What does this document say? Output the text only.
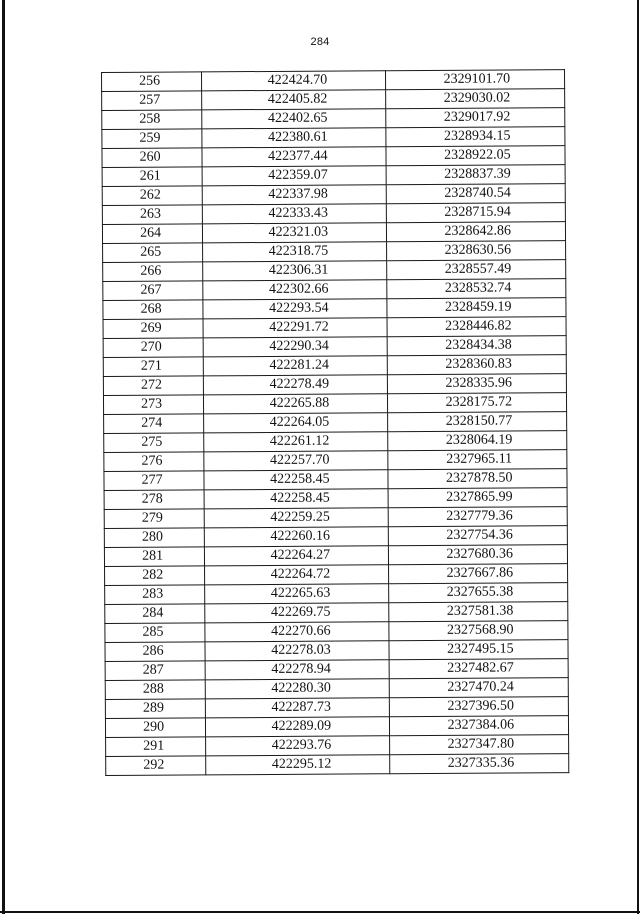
284
256	422424.70	2329101.70
257	422405.82	2329030.02
258	422402.65	2329017.92
259	422380.61	2328934.15
260	422377.44	2328922.05
261	422359.07	2328837.39
262	422337.98	2328740.54
263	422333.43	2328715.94
264	422321.03	2328642.86
265	422318.75	2328630.56
266	422306.31	2328557.49
267	422302.66	2328532.74
268	422293.54	2328459.19
269	422291.72	2328446.82
270	422290.34	2328434.38
271	422281.24	2328360.83
272	422278.49	2328335.96
273	422265.88	2328175.72
274	422264.05	2328150.77
275	422261.12	2328064.19
276	422257.70	2327965.11
277	422258.45	2327878.50
278	422258.45	2327865.99
279	422259.25	2327779.36
280	422260.16	2327754.36
281	422264.27	2327680.36
282	422264.72	2327667.86
283	422265.63	2327655.38
284	422269.75	2327581.38
285	422270.66	2327568.90
286	422278.03	2327495.15
287	422278.94	2327482.67
288	422280.30	2327470.24
289	422287.73	2327396.50
290	422289.09	2327384.06
291	422293.76	2327347.80
292	422295.12	2327335.36
